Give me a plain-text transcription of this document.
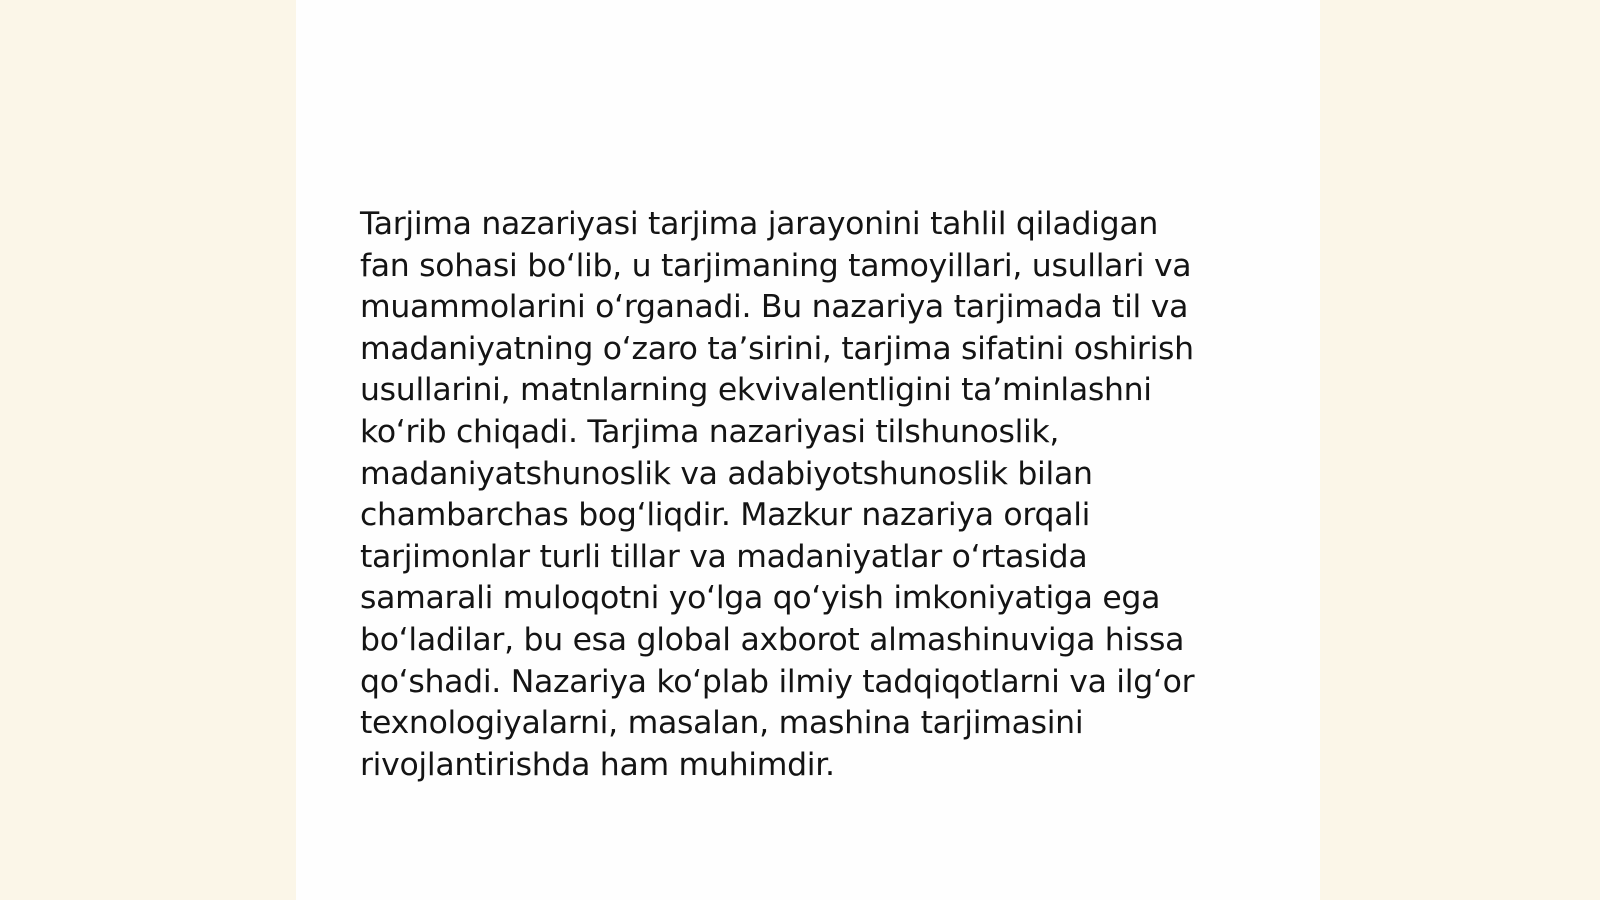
Tarjima nazariyasi tarjima jarayonini tahlil qiladigan
fan sohasi bo‘lib, u tarjimaning tamoyillari, usullari va
muammolarini o‘rganadi. Bu nazariya tarjimada til va
madaniyatning o‘zaro ta’sirini, tarjima sifatini oshirish
usullarini, matnlarning ekvivalentligini ta’minlashni
ko‘rib chiqadi. Tarjima nazariyasi tilshunoslik,
madaniyatshunoslik va adabiyotshunoslik bilan
chambarchas bog‘liqdir. Mazkur nazariya orqali
tarjimonlar turli tillar va madaniyatlar o‘rtasida
samarali muloqotni yo‘lga qo‘yish imkoniyatiga ega
bo‘ladilar, bu esa global axborot almashinuviga hissa
qo‘shadi. Nazariya ko‘plab ilmiy tadqiqotlarni va ilg‘or
texnologiyalarni, masalan, mashina tarjimasini
rivojlantirishda ham muhimdir.
